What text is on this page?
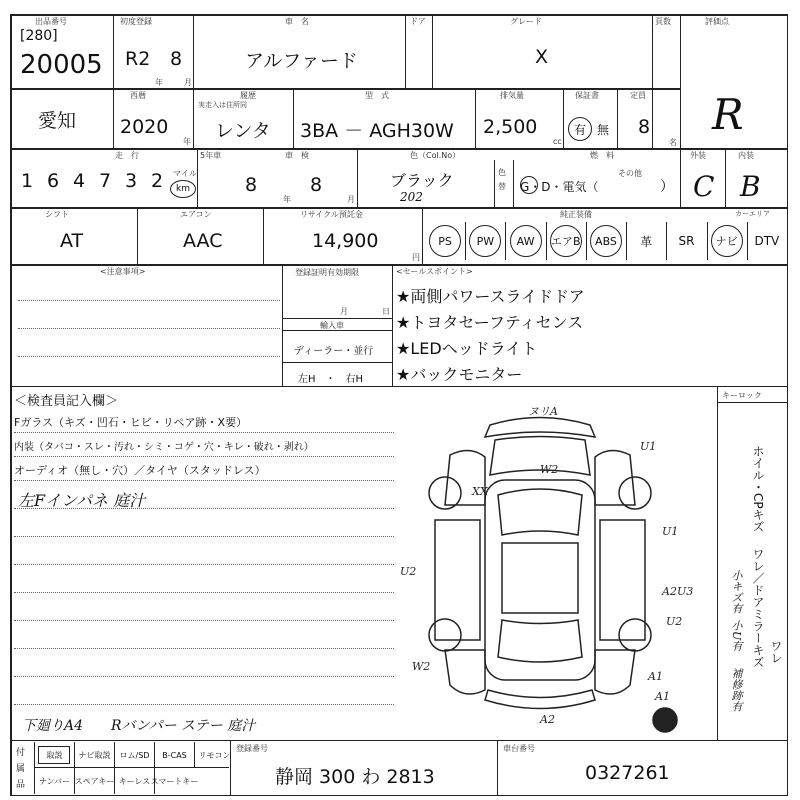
出品番号
[280]
20005
初度登録
R2 8
年	月
車　名
アルファード
ドア	グレード
X
頁数	評価点
R
愛知
西暦
2020
年
履歴
実走入は住所同
レンタ
型　式
3BA － AGH30W
排気量
2,500
cc
保証書
有 無
定員
8
名
走　行
1 6 4 7 3 2	マイル
km
5年車	車　検
8
年
8
月
色（Col.No）
ブラック
202
色替
燃　料
G・D・電気（
その他
）
外装
C
内装
B
シフト
AT
エアコン
AAC
リサイクル預託金
14,900
円
純正装備	カーエリア
PS	PW	AW	エアB	ABS	革 SR	ナビ	DTV
<注意事項>	登録証明有効期限
月	日
輸入車
ディーラー・並行
左H　・　右H
<セールスポイント>
★両側パワースライドドア
★トヨタセーフティセンス
★LEDヘッドライト
★バックモニター
＜検査員記入欄＞
Fガラス（キズ・凹石・ヒビ・リペア跡・X要）
内装（タバコ・スレ・汚れ・シミ・コゲ・穴・キレ・破れ・剥れ）
オーディオ（無し・穴）／タイヤ（スタッドレス）
左Fインパネ 庭汁
下廻りA4　　Rバンパー ステー 庭汁
キーロック
ホイル・CPキズ
ワレ／ドアミラーキズ ワレ
小キズ有
小U有
補修跡有
ヌリA
W2
U1
U1
U2
A2U3
U2
W2
A1
A1
A2
XX
付属品
取説	ナビ取説	ロム/SD	B-CAS	リモコン
ナンバー スペアキー キーレス スマートキー
登録番号
静岡 300 わ 2813
車台番号
0327261
